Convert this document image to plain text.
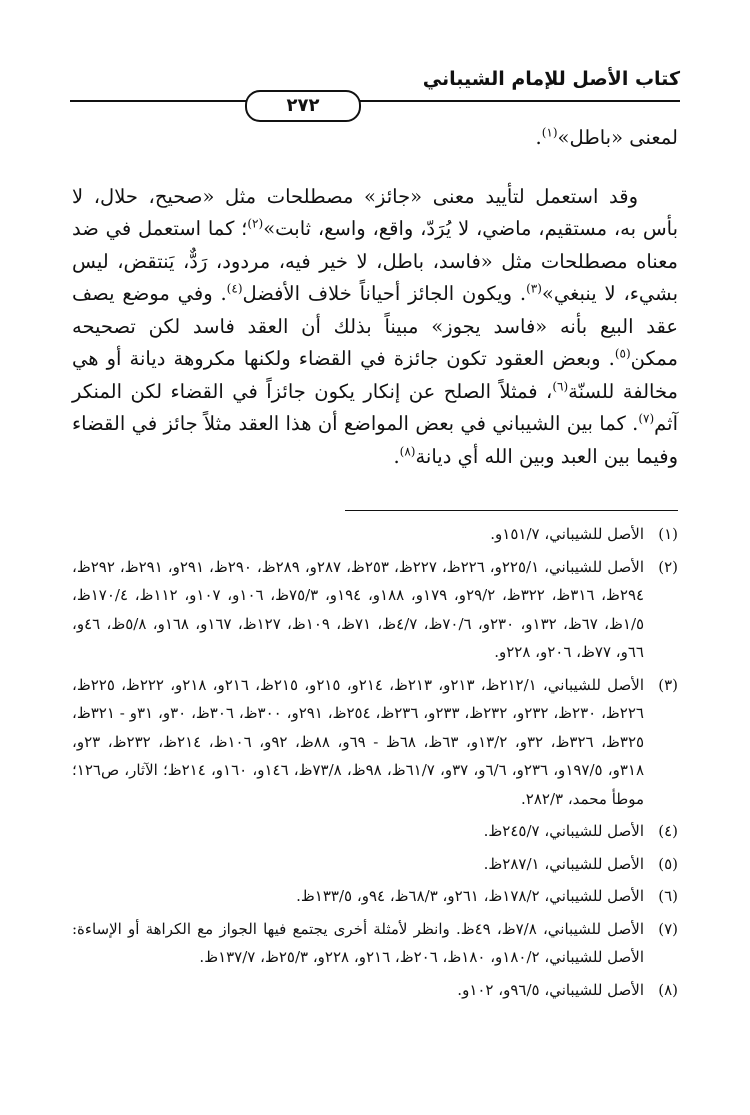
كتاب الأصل للإمام الشيباني
٢٧٢

لمعنى «باطل»$^{(١)}$.

وقد استعمل لتأييد معنى «جائز» مصطلحات مثل «صحيح، حلال، لا بأس به، مستقيم، ماضي، لا يُرَدّ، واقع، واسع، ثابت»$^{(٢)}$؛ كما استعمل في ضد معناه مصطلحات مثل «فاسد، باطل، لا خير فيه، مردود، رَدٌّ، يَنتقض، ليس بشيء، لا ينبغي»$^{(٣)}$. ويكون الجائز أحياناً خلاف الأفضل$^{(٤)}$. وفي موضع يصف عقد البيع بأنه «فاسد يجوز» مبيناً بذلك أن العقد فاسد لكن تصحيحه ممكن$^{(٥)}$. وبعض العقود تكون جائزة في القضاء ولكنها مكروهة ديانة أو هي مخالفة للسنّة$^{(٦)}$، فمثلاً الصلح عن إنكار يكون جائزاً في القضاء لكن المنكر آثم$^{(٧)}$. كما بين الشيباني في بعض المواضع أن هذا العقد مثلاً جائز في القضاء وفيما بين العبد وبين الله أي ديانة$^{(٨)}$.

(١)
الأصل للشيباني، ١٥١/٧و.
(٢)
الأصل للشيباني، ٢٢٥/١و، ٢٢٦ظ، ٢٢٧ظ، ٢٥٣ظ، ٢٨٧و، ٢٨٩ظ، ٢٩٠ظ، ٢٩١و، ٢٩١ظ، ٢٩٢ظ، ٢٩٤ظ، ٣١٦ظ، ٣٢٢ظ، ٢٩/٢و، ١٧٩و، ١٨٨و، ١٩٤و، ٧٥/٣ظ، ١٠٦و، ١٠٧و، ١١٢ظ، ١٧٠/٤ظ، ١/٥ظ، ٦٧ظ، ١٣٢و، ٢٣٠و، ٧٠/٦ظ، ٤/٧ظ، ٧١ظ، ١٠٩ظ، ١٢٧ظ، ١٦٧و، ١٦٨و، ٥/٨ظ، ٤٦و، ٦٦و، ٧٧ظ، ٢٠٦و، ٢٢٨و.
(٣)
الأصل للشيباني، ٢١٢/١ظ، ٢١٣و، ٢١٣ظ، ٢١٤و، ٢١٥و، ٢١٥ظ، ٢١٦و، ٢١٨و، ٢٢٢ظ، ٢٢٥ظ، ٢٢٦ظ، ٢٣٠ظ، ٢٣٢و، ٢٣٢ظ، ٢٣٣و، ٢٣٦ظ، ٢٥٤ظ، ٢٩١و، ٣٠٠ظ، ٣٠٦ظ، ٣٠و، ٣١و - ٣٢١ظ، ٣٢٥ظ، ٣٢٦ظ، ٣٢و، ١٣/٢و، ٦٣ظ، ٦٨ظ - ٦٩و، ٨٨ظ، ٩٢و، ١٠٦ظ، ٢١٤ظ، ٢٣٢ظ، ٢٣و، ٣١٨و، ١٩٧/٥و، ٢٣٦و، ٦/٦و، ٣٧و، ٦١/٧ظ، ٩٨ظ، ٧٣/٨ظ، ١٤٦و، ١٦٠و، ٢١٤ظ؛ الآثار، ص١٢٦؛ موطأ محمد، ٢٨٢/٣.
(٤)
الأصل للشيباني، ٢٤٥/٧ظ.
(٥)
الأصل للشيباني، ٢٨٧/١ظ.
(٦)
الأصل للشيباني، ١٧٨/٢ظ، ٢٦١و، ٦٨/٣ظ، ٩٤و، ١٣٣/٥ظ.
(٧)
الأصل للشيباني، ٧/٨ظ، ٤٩ظ. وانظر لأمثلة أخرى يجتمع فيها الجواز مع الكراهة أو الإساءة: الأصل للشيباني، ١٨٠/٢و، ١٨٠ظ، ٢٠٦ظ، ٢١٦و، ٢٢٨و، ٢٥/٣ظ، ١٣٧/٧ظ.
(٨)
الأصل للشيباني، ٩٦/٥و، ١٠٢و.
